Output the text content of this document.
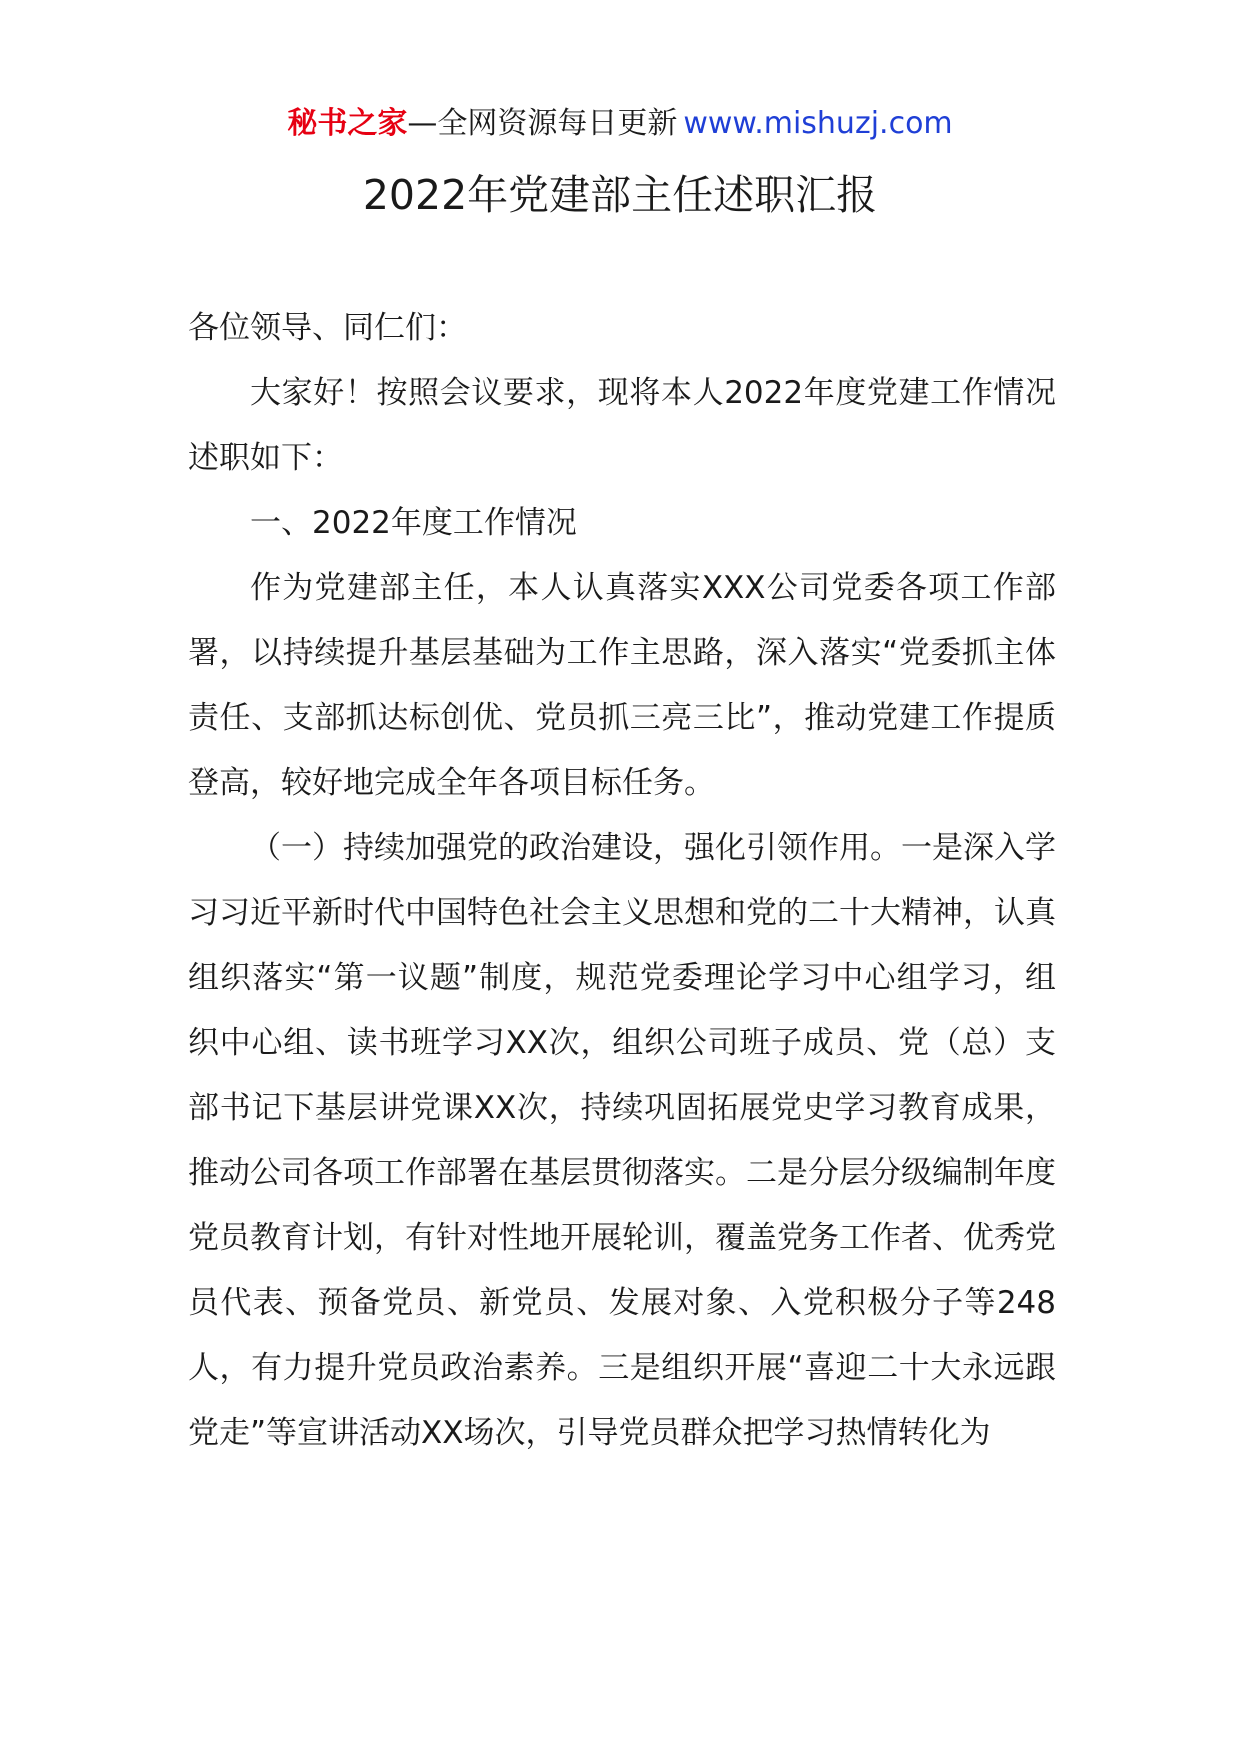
秘书之家—全网资源每日更新 www.mishuzj.com
2022年党建部主任述职汇报

各位领导、同仁们：

大家好！按照会议要求，现将本人2022年度党建工作情况述职如下：

一、2022年度工作情况

作为党建部主任，本人认真落实XXX公司党委各项工作部署，以持续提升基层基础为工作主思路，深入落实“党委抓主体责任、支部抓达标创优、党员抓三亮三比”，推动党建工作提质登高，较好地完成全年各项目标任务。

（一）持续加强党的政治建设，强化引领作用。一是深入学习习近平新时代中国特色社会主义思想和党的二十大精神，认真组织落实“第一议题”制度，规范党委理论学习中心组学习，组织中心组、读书班学习XX次，组织公司班子成员、党（总）支部书记下基层讲党课XX次，持续巩固拓展党史学习教育成果，推动公司各项工作部署在基层贯彻落实。二是分层分级编制年度党员教育计划，有针对性地开展轮训，覆盖党务工作者、优秀党员代表、预备党员、新党员、发展对象、入党积极分子等248人，有力提升党员政治素养。三是组织开展“喜迎二十大永远跟党走”等宣讲活动XX场次，引导党员群众把学习热情转化为
